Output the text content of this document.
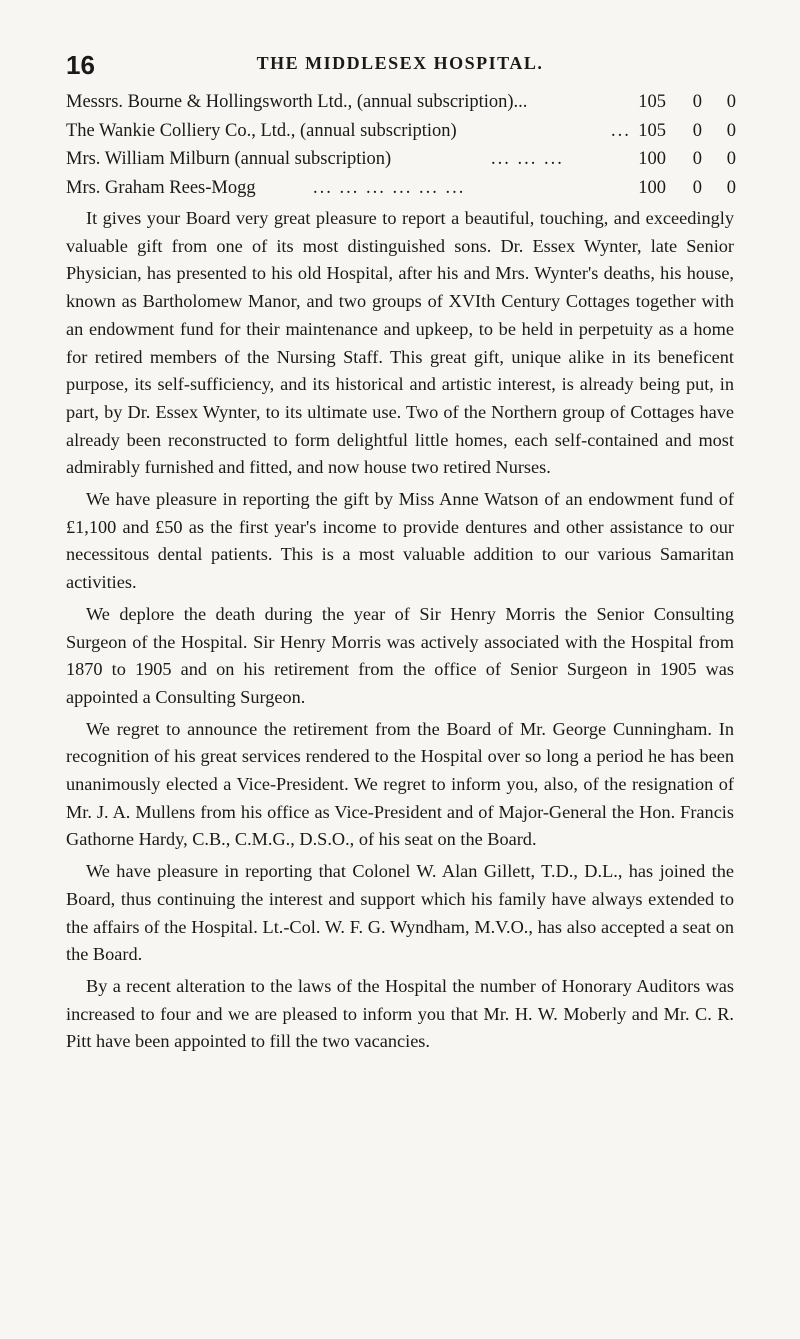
16	THE MIDDLESEX HOSPITAL.
Messrs. Bourne & Hollingsworth Ltd., (annual subscription)...	105	0	0
The Wankie Colliery Co., Ltd., (annual subscription)	... 105	0	0
Mrs. William Milburn (annual subscription)	... ... ...	100	0	0
Mrs. Graham Rees-Mogg	... ... ... ... ... ...	100	0	0

It gives your Board very great pleasure to report a beautiful, touching, and exceedingly valuable gift from one of its most distinguished sons. Dr. Essex Wynter, late Senior Physician, has presented to his old Hospital, after his and Mrs. Wynter's deaths, his house, known as Bartholomew Manor, and two groups of XVIth Century Cottages together with an endowment fund for their maintenance and upkeep, to be held in perpetuity as a home for retired members of the Nursing Staff. This great gift, unique alike in its beneficent purpose, its self-sufficiency, and its historical and artistic interest, is already being put, in part, by Dr. Essex Wynter, to its ultimate use. Two of the Northern group of Cottages have already been reconstructed to form delightful little homes, each self-contained and most admirably furnished and fitted, and now house two retired Nurses.

We have pleasure in reporting the gift by Miss Anne Watson of an endowment fund of £1,100 and £50 as the first year's income to provide dentures and other assistance to our necessitous dental patients. This is a most valuable addition to our various Samaritan activities.

We deplore the death during the year of Sir Henry Morris the Senior Consulting Surgeon of the Hospital. Sir Henry Morris was actively associated with the Hospital from 1870 to 1905 and on his retirement from the office of Senior Surgeon in 1905 was appointed a Consulting Surgeon.

We regret to announce the retirement from the Board of Mr. George Cunningham. In recognition of his great services rendered to the Hospital over so long a period he has been unanimously elected a Vice-President. We regret to inform you, also, of the resignation of Mr. J. A. Mullens from his office as Vice-President and of Major-General the Hon. Francis Gathorne Hardy, C.B., C.M.G., D.S.O., of his seat on the Board.

We have pleasure in reporting that Colonel W. Alan Gillett, T.D., D.L., has joined the Board, thus continuing the interest and support which his family have always extended to the affairs of the Hospital. Lt.-Col. W. F. G. Wyndham, M.V.O., has also accepted a seat on the Board.

By a recent alteration to the laws of the Hospital the number of Honorary Auditors was increased to four and we are pleased to inform you that Mr. H. W. Moberly and Mr. C. R. Pitt have been appointed to fill the two vacancies.
